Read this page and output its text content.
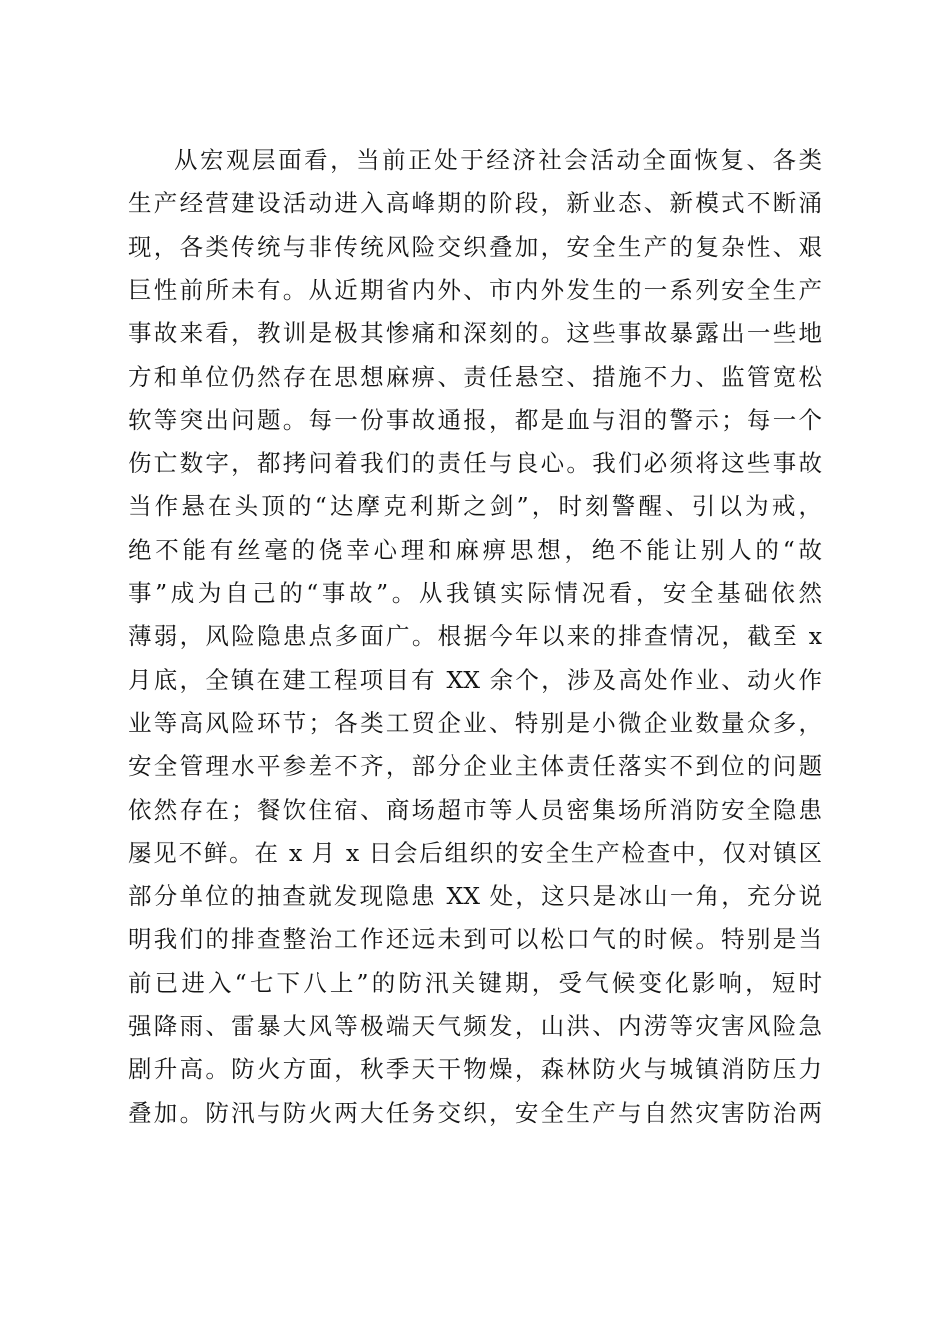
从宏观层面看，当前正处于经济社会活动全面恢复、各类
生产经营建设活动进入高峰期的阶段，新业态、新模式不断涌
现，各类传统与非传统风险交织叠加，安全生产的复杂性、艰
巨性前所未有。从近期省内外、市内外发生的一系列安全生产
事故来看，教训是极其惨痛和深刻的。这些事故暴露出一些地
方和单位仍然存在思想麻痹、责任悬空、措施不力、监管宽松
软等突出问题。每一份事故通报，都是血与泪的警示；每一个
伤亡数字，都拷问着我们的责任与良心。我们必须将这些事故
当作悬在头顶的“达摩克利斯之剑”，时刻警醒、引以为戒，
绝不能有丝毫的侥幸心理和麻痹思想，绝不能让别人的“故
事”成为自己的“事故”。从我镇实际情况看，安全基础依然
薄弱，风险隐患点多面广。根据今年以来的排查情况，截至 x
月底，全镇在建工程项目有 XX 余个，涉及高处作业、动火作
业等高风险环节；各类工贸企业、特别是小微企业数量众多，
安全管理水平参差不齐，部分企业主体责任落实不到位的问题
依然存在；餐饮住宿、商场超市等人员密集场所消防安全隐患
屡见不鲜。在 x 月 x 日会后组织的安全生产检查中，仅对镇区
部分单位的抽查就发现隐患 XX 处，这只是冰山一角，充分说
明我们的排查整治工作还远未到可以松口气的时候。特别是当
前已进入“七下八上”的防汛关键期，受气候变化影响，短时
强降雨、雷暴大风等极端天气频发，山洪、内涝等灾害风险急
剧升高。防火方面，秋季天干物燥，森林防火与城镇消防压力
叠加。防汛与防火两大任务交织，安全生产与自然灾害防治两
